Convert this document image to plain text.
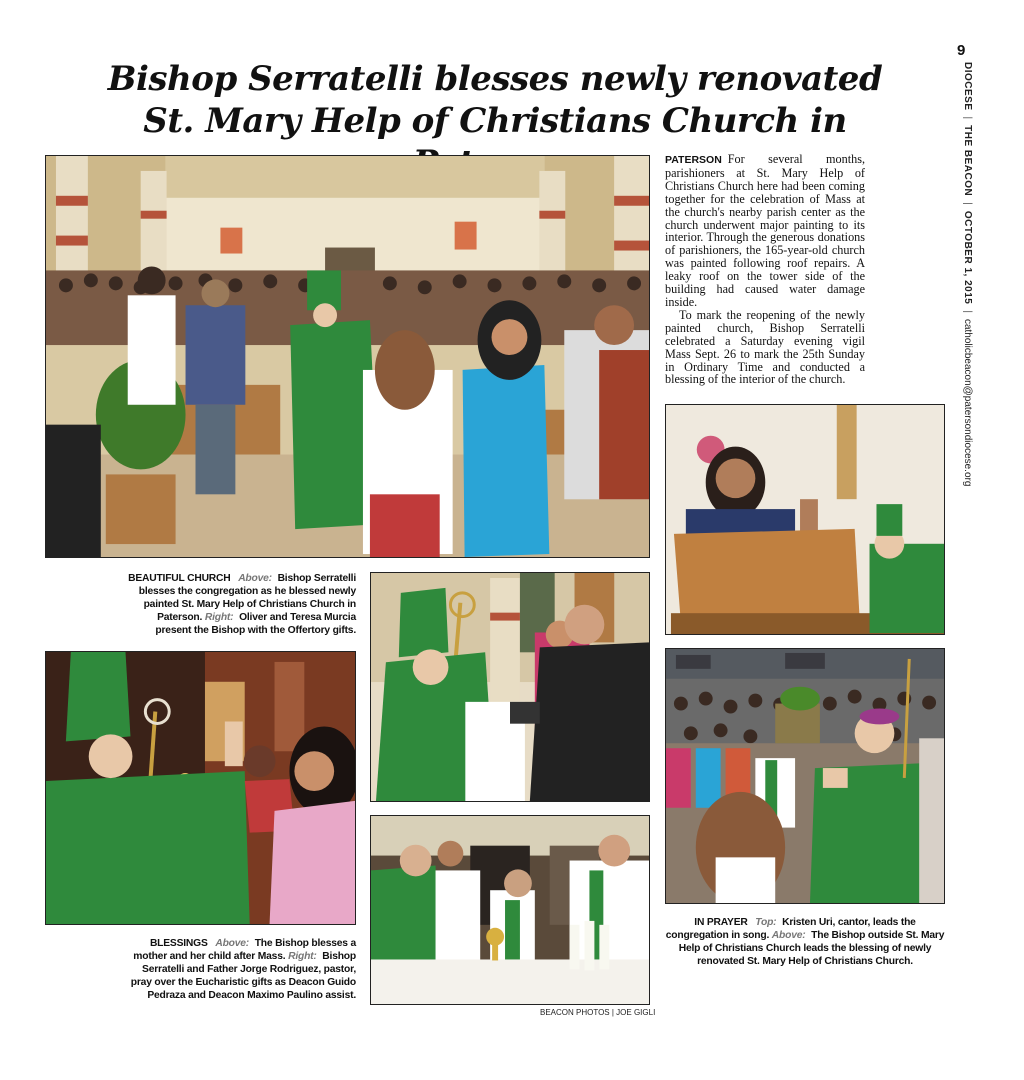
Bishop Serratelli blesses newly renovated
St. Mary Help of Christians Church in
9
DIOCESE|THE BEACON|OCTOBER 1, 2015|catholicbeacon@patersondiocese.org

PATERSON For several months, parishioners at St. Mary Help of Christians Church here had been coming together for the celebration of Mass at the church's nearby parish center as the church underwent major painting to its interior. Through the generous donations of parishioners, the 165-year-old church was painted following roof repairs. A leaky roof on the tower side of the building had caused water damage inside.

To mark the reopening of the newly painted church, Bishop Serratelli celebrated a Saturday evening vigil Mass Sept. 26 to mark the 25th Sunday in Ordinary Time and conducted a blessing of the interior of the church.

BEAUTIFUL CHURCH Above: Bishop Serratelli blesses the congregation as he blessed newly painted St. Mary Help of Christians Church in Paterson. Right: Oliver and Teresa Murcia present the Bishop with the Offertory gifts.
BLESSINGS Above: The Bishop blesses a mother and her child after Mass. Right: Bishop Serratelli and Father Jorge Rodriguez, pastor, pray over the Eucharistic gifts as Deacon Guido Pedraza and Deacon Maximo Paulino assist.
IN PRAYER Top: Kristen Uri, cantor, leads the congregation in song. Above: The Bishop outside St. Mary Help of Christians Church leads the blessing of newly renovated St. Mary Help of Christians Church.
BEACON PHOTOS | JOE GIGLI
